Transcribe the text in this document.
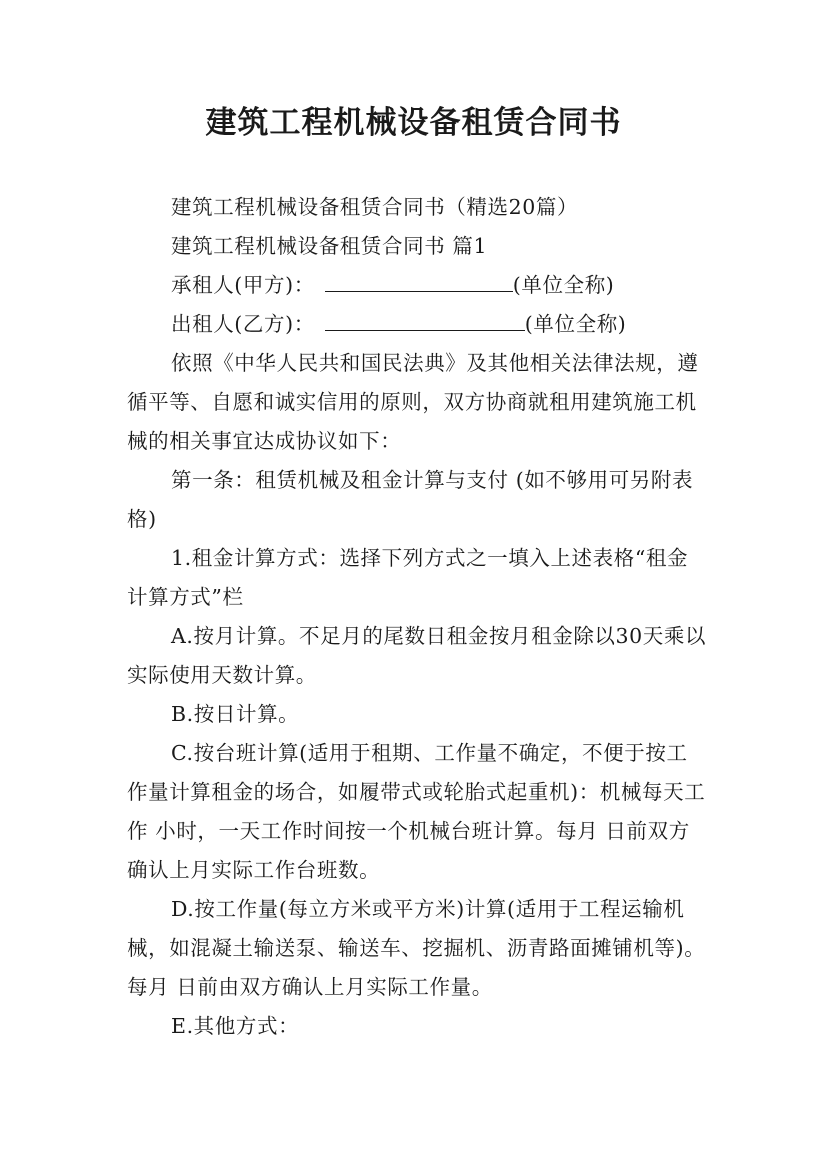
建筑工程机械设备租赁合同书

建筑工程机械设备租赁合同书（精选20篇）

建筑工程机械设备租赁合同书 篇1

承租人(甲方)：	(单位全称)

出租人(乙方)：	(单位全称)

依照《中华人民共和国民法典》及其他相关法律法规，遵循平等、自愿和诚实信用的原则，双方协商就租用建筑施工机械的相关事宜达成协议如下：

第一条：租赁机械及租金计算与支付 (如不够用可另附表格)

1.租金计算方式：选择下列方式之一填入上述表格“租金计算方式”栏

A.按月计算。不足月的尾数日租金按月租金除以30天乘以实际使用天数计算。

B.按日计算。

C.按台班计算(适用于租期、工作量不确定，不便于按工作量计算租金的场合，如履带式或轮胎式起重机)：机械每天工作 小时，一天工作时间按一个机械台班计算。每月 日前双方确认上月实际工作台班数。

D.按工作量(每立方米或平方米)计算(适用于工程运输机械，如混凝土输送泵、输送车、挖掘机、沥青路面摊铺机等)。每月 日前由双方确认上月实际工作量。

E.其他方式：
